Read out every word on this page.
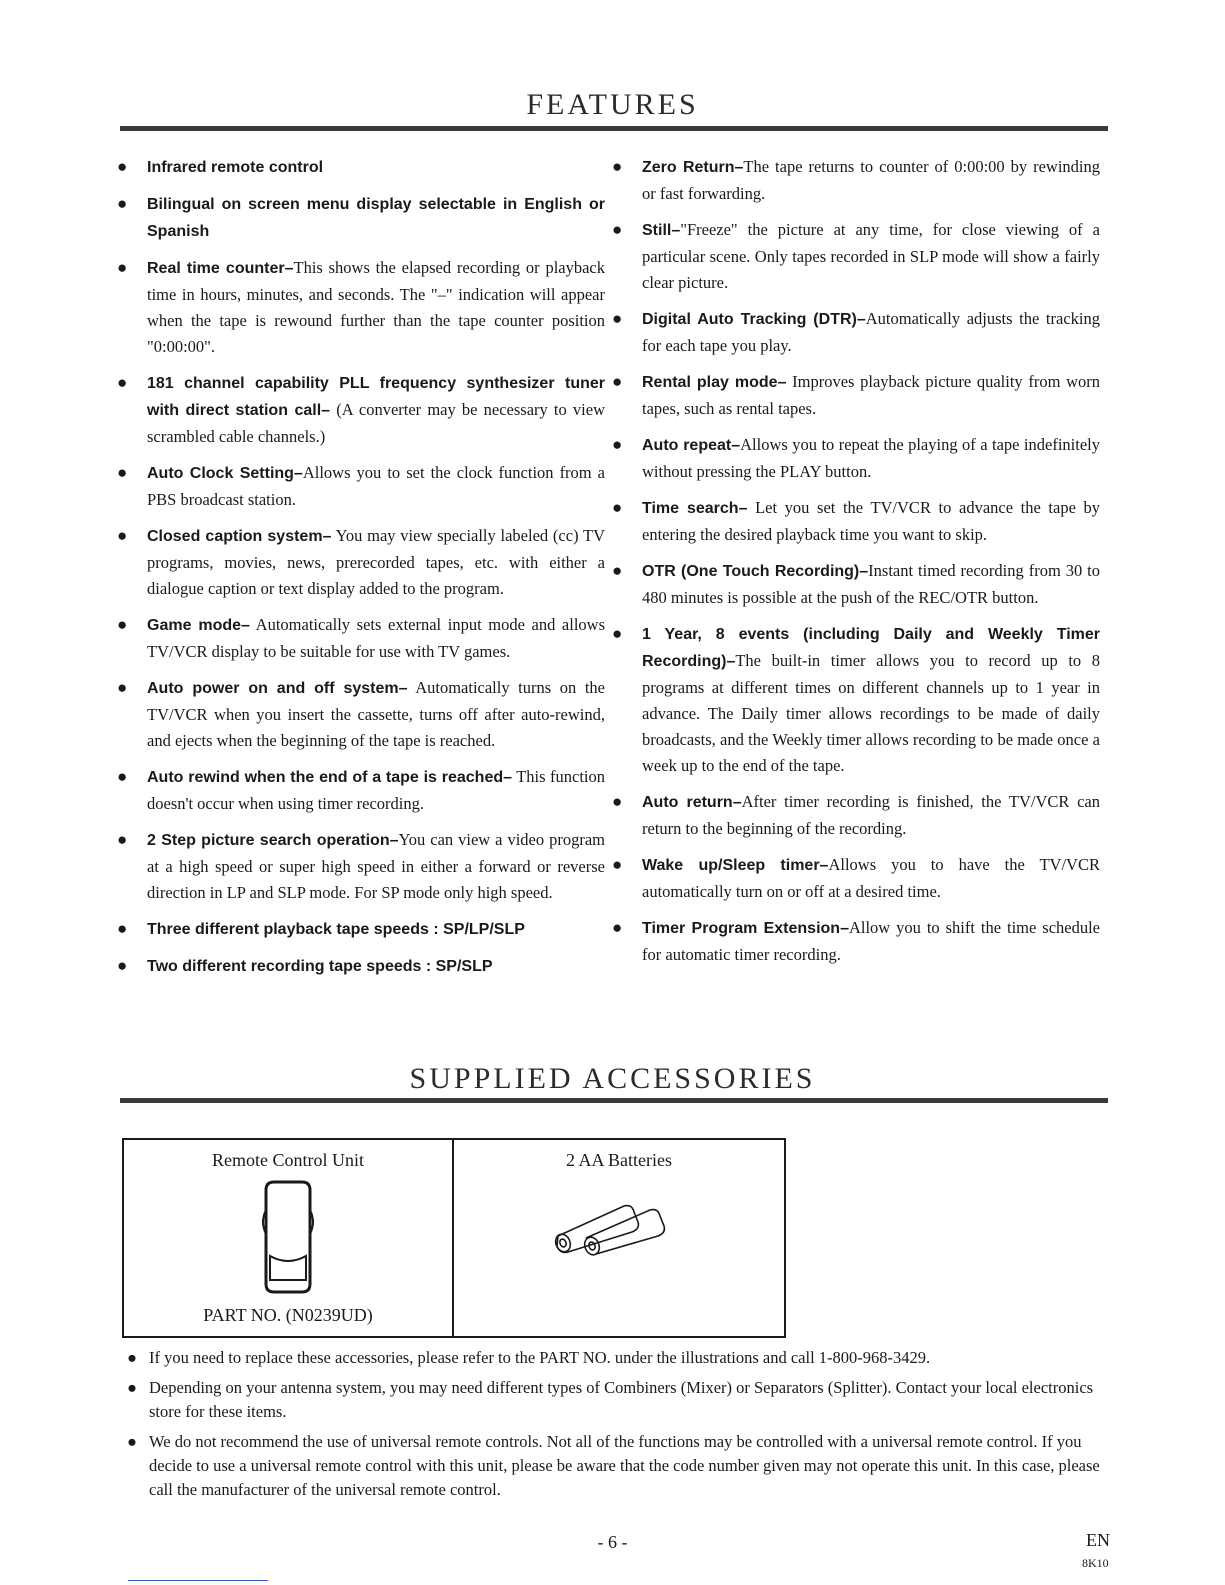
FEATURES
● Infrared remote control
● Bilingual on screen menu display selectable in English or Spanish
● Real time counter–This shows the elapsed recording or playback time in hours, minutes, and seconds. The "–" indication will appear when the tape is rewound further than the tape counter position "0:00:00".
● 181 channel capability PLL frequency synthesizer tuner with direct station call– (A converter may be necessary to view scrambled cable channels.)
● Auto Clock Setting–Allows you to set the clock function from a PBS broadcast station.
● Closed caption system– You may view specially labeled (cc) TV programs, movies, news, prerecorded tapes, etc. with either a dialogue caption or text display added to the program.
● Game mode– Automatically sets external input mode and allows TV/VCR display to be suitable for use with TV games.
● Auto power on and off system– Automatically turns on the TV/VCR when you insert the cassette, turns off after auto-rewind, and ejects when the beginning of the tape is reached.
● Auto rewind when the end of a tape is reached– This function doesn't occur when using timer recording.
● 2 Step picture search operation–You can view a video program at a high speed or super high speed in either a forward or reverse direction in LP and SLP mode. For SP mode only high speed.
● Three different playback tape speeds : SP/LP/SLP
● Two different recording tape speeds : SP/SLP
● Zero Return–The tape returns to counter of 0:00:00 by rewinding or fast forwarding.
● Still–"Freeze" the picture at any time, for close viewing of a particular scene. Only tapes recorded in SLP mode will show a fairly clear picture.
● Digital Auto Tracking (DTR)–Automatically adjusts the tracking for each tape you play.
● Rental play mode– Improves playback picture quality from worn tapes, such as rental tapes.
● Auto repeat–Allows you to repeat the playing of a tape indefinitely without pressing the PLAY button.
● Time search– Let you set the TV/VCR to advance the tape by entering the desired playback time you want to skip.
● OTR (One Touch Recording)–Instant timed recording from 30 to 480 minutes is possible at the push of the REC/OTR button.
● 1 Year, 8 events (including Daily and Weekly Timer Recording)–The built-in timer allows you to record up to 8 programs at different times on different channels up to 1 year in advance. The Daily timer allows recordings to be made of daily broadcasts, and the Weekly timer allows recording to be made once a week up to the end of the tape.
● Auto return–After timer recording is finished, the TV/VCR can return to the beginning of the recording.
● Wake up/Sleep timer–Allows you to have the TV/VCR automatically turn on or off at a desired time.
● Timer Program Extension–Allow you to shift the time schedule for automatic timer recording.
SUPPLIED ACCESSORIES
Remote Control Unit
PART NO. (N0239UD)
2 AA Batteries
● If you need to replace these accessories, please refer to the PART NO. under the illustrations and call 1-800-968-3429.
● Depending on your antenna system, you may need different types of Combiners (Mixer) or Separators (Splitter). Contact your local electronics store for these items.
● We do not recommend the use of universal remote controls. Not all of the functions may be controlled with a universal remote control. If you decide to use a universal remote control with this unit, please be aware that the code number given may not operate this unit. In this case, please call the manufacturer of the universal remote control.
- 6 -	EN
8K10
